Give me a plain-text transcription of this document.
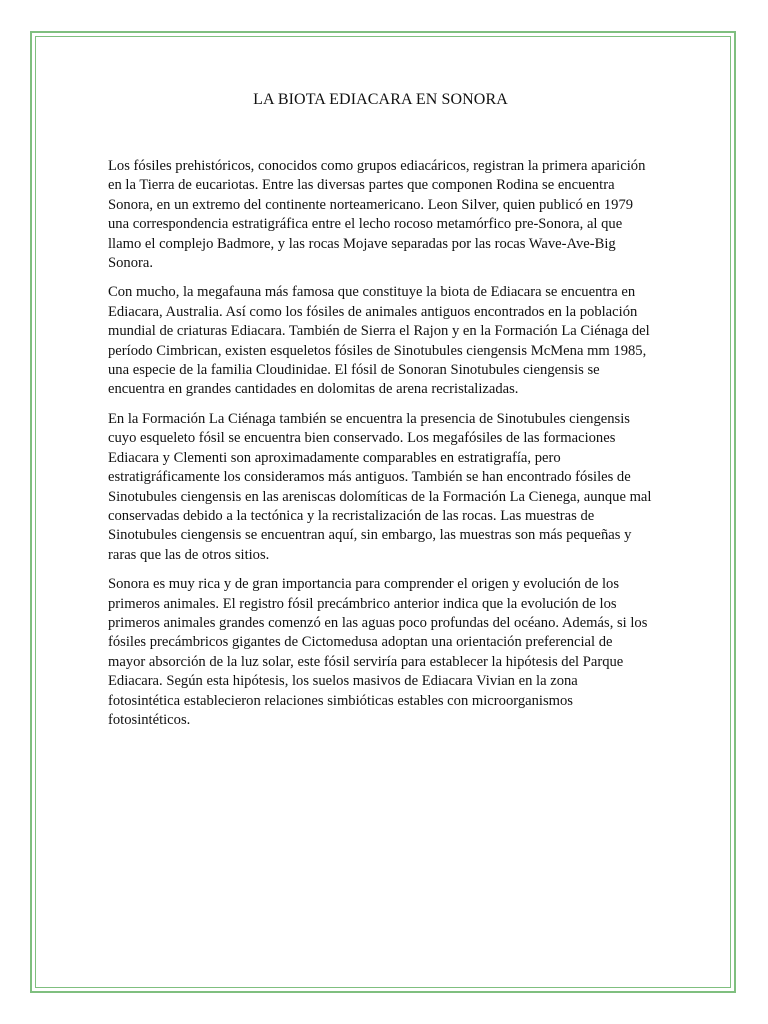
LA BIOTA EDIACARA EN SONORA

Los fósiles prehistóricos, conocidos como grupos ediacáricos, registran la primera aparición en la Tierra de eucariotas. Entre las diversas partes que componen Rodina se encuentra Sonora, en un extremo del continente norteamericano. Leon Silver, quien publicó en 1979 una correspondencia estratigráfica entre el lecho rocoso metamórfico pre-Sonora, al que llamo el complejo Badmore, y las rocas Mojave separadas por las rocas Wave-Ave-Big Sonora.

Con mucho, la megafauna más famosa que constituye la biota de Ediacara se encuentra en Ediacara, Australia. Así como los fósiles de animales antiguos encontrados en la población mundial de criaturas Ediacara. También de Sierra el Rajon y en la Formación La Ciénaga del período Cimbrican, existen esqueletos fósiles de Sinotubules ciengensis McMena mm 1985, una especie de la familia Cloudinidae. El fósil de Sonoran Sinotubules ciengensis se encuentra en grandes cantidades en dolomitas de arena recristalizadas.

En la Formación La Ciénaga también se encuentra la presencia de Sinotubules ciengensis cuyo esqueleto fósil se encuentra bien conservado. Los megafósiles de las formaciones Ediacara y Clementi son aproximadamente comparables en estratigrafía, pero estratigráficamente los consideramos más antiguos. También se han encontrado fósiles de Sinotubules ciengensis en las areniscas dolomíticas de la Formación La Cienega, aunque mal conservadas debido a la tectónica y la recristalización de las rocas. Las muestras de Sinotubules ciengensis se encuentran aquí, sin embargo, las muestras son más pequeñas y raras que las de otros sitios.

Sonora es muy rica y de gran importancia para comprender el origen y evolución de los primeros animales. El registro fósil precámbrico anterior indica que la evolución de los primeros animales grandes comenzó en las aguas poco profundas del océano. Además, si los fósiles precámbricos gigantes de Cictomedusa adoptan una orientación preferencial de mayor absorción de la luz solar, este fósil serviría para establecer la hipótesis del Parque Ediacara. Según esta hipótesis, los suelos masivos de Ediacara Vivian en la zona fotosintética establecieron relaciones simbióticas estables con microorganismos fotosintéticos.
